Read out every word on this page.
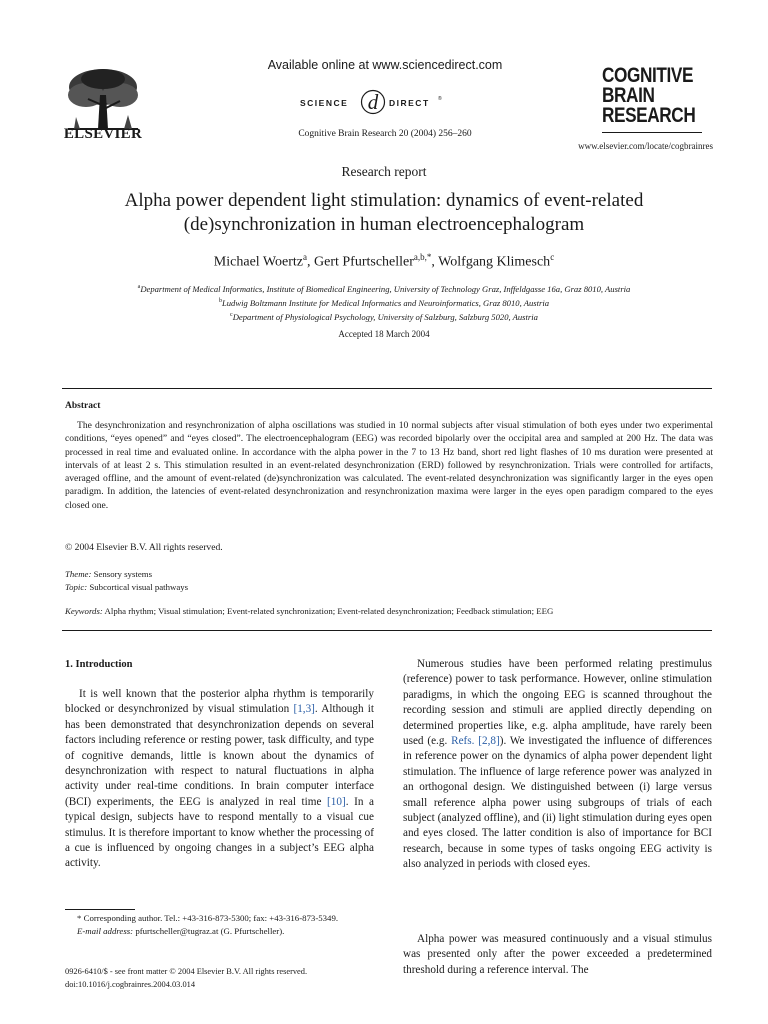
ELSEVIER
Available online at www.sciencedirect.com
SCIENCE d DIRECT ®
Cognitive Brain Research 20 (2004) 256–260
COGNITIVE
BRAIN
RESEARCH
www.elsevier.com/locate/cogbrainres
Research report
Alpha power dependent light stimulation: dynamics of event-related (de)synchronization in human electroencephalogram
Michael Woertz$^a$, Gert Pfurtscheller$^{a,b,*}$, Wolfgang Klimesch$^c$
$^a$Department of Medical Informatics, Institute of Biomedical Engineering, University of Technology Graz, Inffeldgasse 16a, Graz 8010, Austria
$^b$Ludwig Boltzmann Institute for Medical Informatics and Neuroinformatics, Graz 8010, Austria
$^c$Department of Physiological Psychology, University of Salzburg, Salzburg 5020, Austria
Accepted 18 March 2004
Abstract
The desynchronization and resynchronization of alpha oscillations was studied in 10 normal subjects after visual stimulation of both eyes under two experimental conditions, “eyes opened” and “eyes closed”. The electroencephalogram (EEG) was recorded bipolarly over the occipital area and sampled at 200 Hz. The data was processed in real time and evaluated online. In accordance with the alpha power in the 7 to 13 Hz band, short red light flashes of 10 ms duration were presented at intervals of at least 2 s. This stimulation resulted in an event-related desynchronization (ERD) followed by resynchronization. Trials were controlled for artifacts, averaged offline, and the amount of event-related (de)synchronization was calculated. The event-related desynchronization was significantly larger in the eyes open paradigm. In addition, the latencies of event-related desynchronization and resynchronization maxima were larger in the eyes open paradigm compared to the eyes closed one.
© 2004 Elsevier B.V. All rights reserved.
Theme: Sensory systems
Topic: Subcortical visual pathways
Keywords: Alpha rhythm; Visual stimulation; Event-related synchronization; Event-related desynchronization; Feedback stimulation; EEG
1. Introduction
It is well known that the posterior alpha rhythm is temporarily blocked or desynchronized by visual stimulation [1,3]. Although it has been demonstrated that desynchronization depends on several factors including reference or resting power, task difficulty, and type of cognitive demands, little is known about the dynamics of desynchronization with respect to natural fluctuations in alpha activity under real-time conditions. In brain computer interface (BCI) experiments, the EEG is analyzed in real time [10]. In a typical design, subjects have to respond mentally to a visual cue stimulus. It is therefore important to know whether the processing of a cue is influenced by ongoing changes in a subject’s EEG alpha activity.
* Corresponding author. Tel.: +43-316-873-5300; fax: +43-316-873-5349.
E-mail address: pfurtscheller@tugraz.at (G. Pfurtscheller).
0926-6410/$ - see front matter © 2004 Elsevier B.V. All rights reserved.
doi:10.1016/j.cogbrainres.2004.03.014
Numerous studies have been performed relating prestimulus (reference) power to task performance. However, online stimulation paradigms, in which the ongoing EEG is scanned throughout the recording session and stimuli are applied directly depending on determined properties like, e.g. alpha amplitude, have rarely been used (e.g. Refs. [2,8]). We investigated the influence of differences in reference power on the dynamics of alpha power dependent light stimulation. The influence of large reference power was analyzed in an orthogonal design. We distinguished between (i) large versus small reference alpha power using subgroups of trials of each subject (analyzed offline), and (ii) light stimulation during eyes open and eyes closed. The latter condition is also of importance for BCI research, because in some types of tasks ongoing EEG activity is also analyzed in periods with closed eyes.
Alpha power was measured continuously and a visual stimulus was presented only after the power exceeded a predetermined threshold during a reference interval. The
